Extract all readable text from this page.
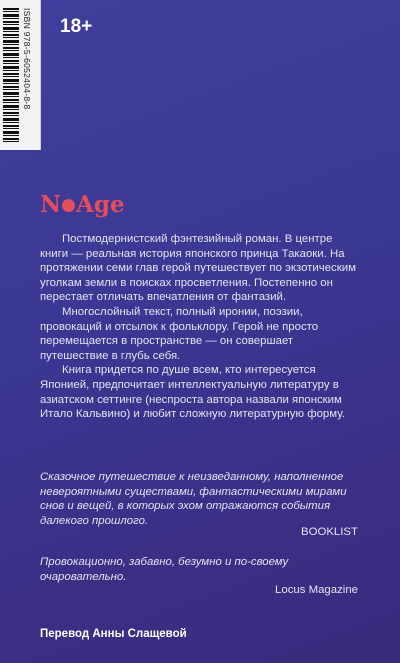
ISBN 978-5-6052404-8-8 18+
N Age

Постмодернистский фэнтезийный роман. В центре книги — реальная история японского принца Такаоки. На протяжении семи глав герой путешествует по экзотическим уголкам земли в поисках просветления. Постепенно он перестает отличать впечатления от фантазий.

Многослойный текст, полный иронии, поэзии, провокаций и отсылок к фольклору. Герой не просто перемещается в пространстве — он совершает путешествие в глубь себя.

Книга придется по душе всем, кто интересуется Японией, предпочитает интеллектуальную литературу в азиатском сеттинге (неспроста автора назвали японским Итало Кальвино) и любит сложную литературную форму.

Сказочное путешествие к неизведанному, наполненное невероятными существами, фантастическими мирами снов и вещей, в которых эхом отражаются события далекого прошлого.
BOOKLIST
Провокационно, забавно, безумно и по-своему очаровательно.
Locus Magazine
Перевод Анны Слащевой
